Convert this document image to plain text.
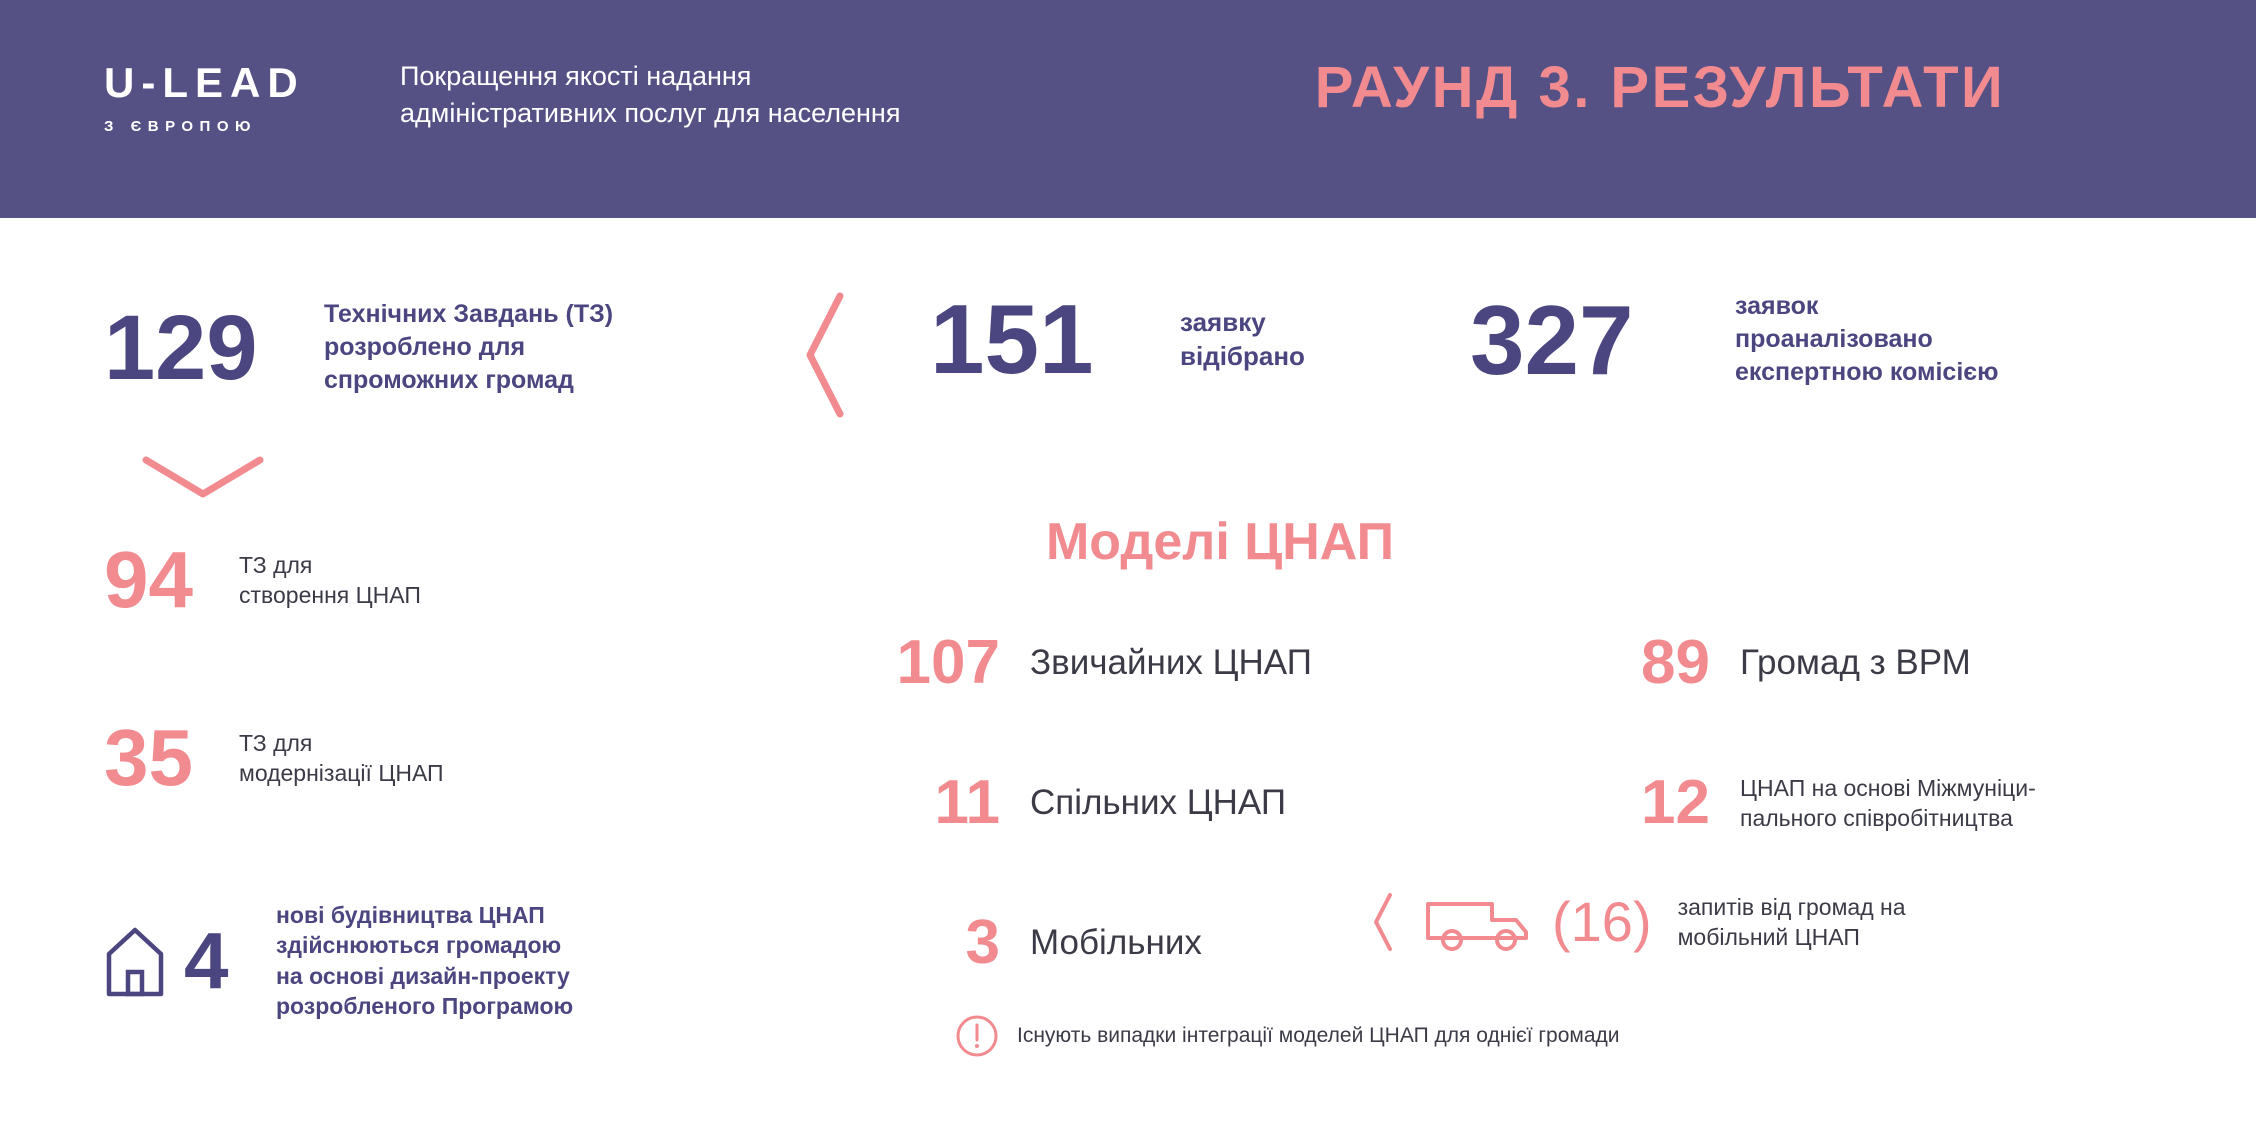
U-LEAD
З ЄВРОПОЮ
Покращення якості надання
адміністративних послуг для населення	РАУНД 3. РЕЗУЛЬТАТИ
129	Технічних Завдань (ТЗ)
розроблено для
спроможних громад
94	ТЗ для
створення ЦНАП
35	ТЗ для
модернізації ЦНАП
4
нові будівництва ЦНАП
здійснюються громадою
на основі дизайн-проекту
розробленого Програмою
151	заявку
відібрано 327	заявок
проаналізовано
експертною комісією
Моделі ЦНАП
107 Звичайних ЦНАП
11 Спільних ЦНАП
3 Мобільних
89 Громад з ВРМ
12 ЦНАП на основі Міжмуніци-
пального співробітництва
(16) запитів від громад на
мобільний ЦНАП
Існують випадки інтеграції моделей ЦНАП для однієї громади
